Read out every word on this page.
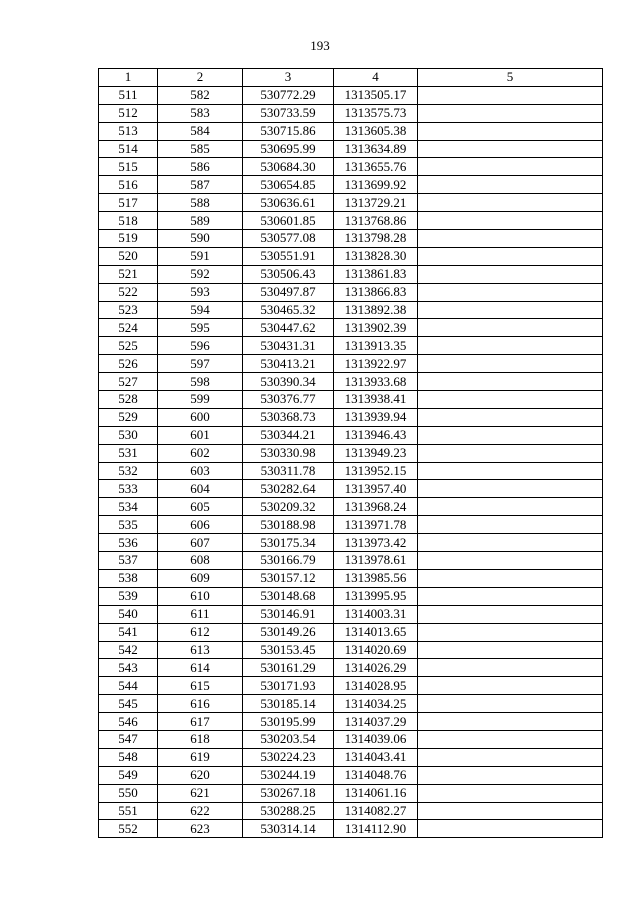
193
1	2	3	4	5
511	582	530772.29	1313505.17	
512	583	530733.59	1313575.73	
513	584	530715.86	1313605.38	
514	585	530695.99	1313634.89	
515	586	530684.30	1313655.76	
516	587	530654.85	1313699.92	
517	588	530636.61	1313729.21	
518	589	530601.85	1313768.86	
519	590	530577.08	1313798.28	
520	591	530551.91	1313828.30	
521	592	530506.43	1313861.83	
522	593	530497.87	1313866.83	
523	594	530465.32	1313892.38	
524	595	530447.62	1313902.39	
525	596	530431.31	1313913.35	
526	597	530413.21	1313922.97	
527	598	530390.34	1313933.68	
528	599	530376.77	1313938.41	
529	600	530368.73	1313939.94	
530	601	530344.21	1313946.43	
531	602	530330.98	1313949.23	
532	603	530311.78	1313952.15	
533	604	530282.64	1313957.40	
534	605	530209.32	1313968.24	
535	606	530188.98	1313971.78	
536	607	530175.34	1313973.42	
537	608	530166.79	1313978.61	
538	609	530157.12	1313985.56	
539	610	530148.68	1313995.95	
540	611	530146.91	1314003.31	
541	612	530149.26	1314013.65	
542	613	530153.45	1314020.69	
543	614	530161.29	1314026.29	
544	615	530171.93	1314028.95	
545	616	530185.14	1314034.25	
546	617	530195.99	1314037.29	
547	618	530203.54	1314039.06	
548	619	530224.23	1314043.41	
549	620	530244.19	1314048.76	
550	621	530267.18	1314061.16	
551	622	530288.25	1314082.27	
552	623	530314.14	1314112.90	
